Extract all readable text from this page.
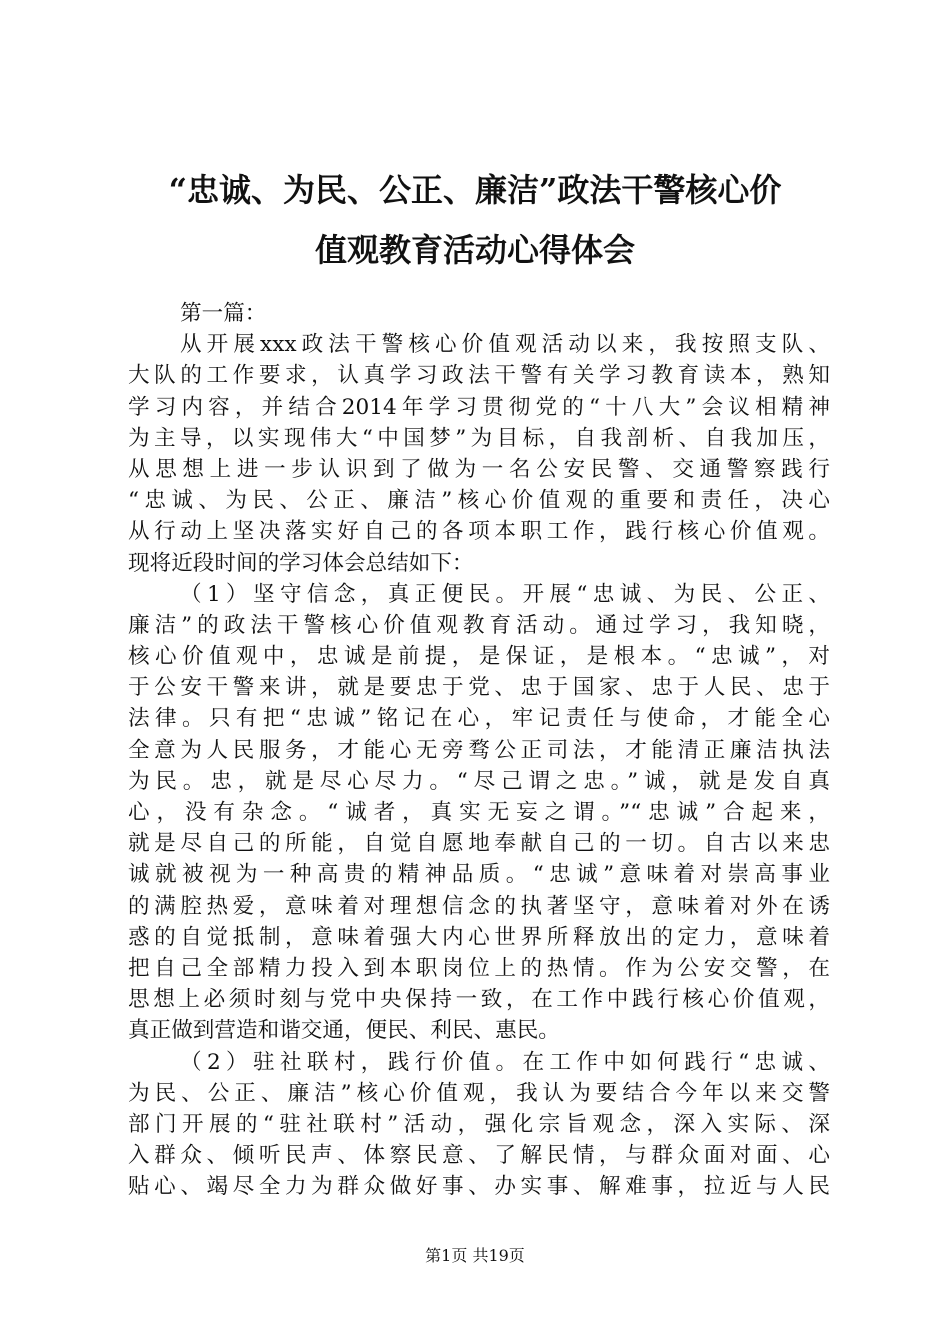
“忠诚、为民、公正、廉洁”政法干警核心价
值观教育活动心得体会
第一篇：
从开展xxx政法干警核心价值观活动以来，我按照支队、
大队的工作要求，认真学习政法干警有关学习教育读本，熟知
学习内容，并结合2014年学习贯彻党的“十八大”会议相精神
为主导，以实现伟大“中国梦”为目标，自我剖析、自我加压，
从思想上进一步认识到了做为一名公安民警、交通警察践行
“忠诚、为民、公正、廉洁”核心价值观的重要和责任，决心
从行动上坚决落实好自己的各项本职工作，践行核心价值观。
现将近段时间的学习体会总结如下：
（1）坚守信念，真正便民。开展“忠诚、为民、公正、
廉洁”的政法干警核心价值观教育活动。通过学习，我知晓，
核心价值观中，忠诚是前提，是保证，是根本。“忠诚”，对
于公安干警来讲，就是要忠于党、忠于国家、忠于人民、忠于
法律。只有把“忠诚”铭记在心，牢记责任与使命，才能全心
全意为人民服务，才能心无旁骛公正司法，才能清正廉洁执法
为民。忠，就是尽心尽力。“尽己谓之忠。”诚，就是发自真
心，没有杂念。“诚者，真实无妄之谓。”“忠诚”合起来，
就是尽自己的所能，自觉自愿地奉献自己的一切。自古以来忠
诚就被视为一种高贵的精神品质。“忠诚”意味着对崇高事业
的满腔热爱，意味着对理想信念的执著坚守，意味着对外在诱
惑的自觉抵制，意味着强大内心世界所释放出的定力，意味着
把自己全部精力投入到本职岗位上的热情。作为公安交警，在
思想上必须时刻与党中央保持一致，在工作中践行核心价值观，
真正做到营造和谐交通，便民、利民、惠民。
（2）驻社联村，践行价值。在工作中如何践行“忠诚、
为民、公正、廉洁”核心价值观，我认为要结合今年以来交警
部门开展的“驻社联村”活动，强化宗旨观念，深入实际、深
入群众、倾听民声、体察民意、了解民情，与群众面对面、心
贴心、竭尽全力为群众做好事、办实事、解难事，拉近与人民
第1页 共19页
